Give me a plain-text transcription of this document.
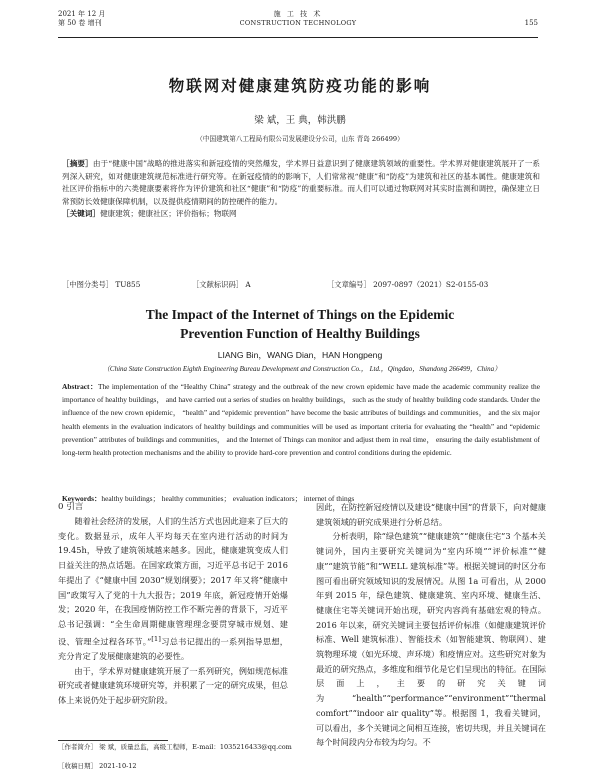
2021 年 12 月
第 50 卷 增刊
施 工 技 术
CONSTRUCTION TECHNOLOGY	155
物联网对健康建筑防疫功能的影响
梁 斌，王 典，韩洪鹏
（中国建筑第八工程局有限公司发展建设分公司，山东 青岛 266499）
［摘要］由于“健康中国”战略的推进落实和新冠疫情的突然爆发，学术界日益意识到了健康建筑领域的重要性。学术界对健康建筑展开了一系列深入研究，如对健康建筑规范标准进行研究等。在新冠疫情的的影响下，人们常常视“健康”和“防疫”为建筑和社区的基本属性。健康建筑和社区评价指标中的六类健康要素将作为评价建筑和社区“健康”和“防疫”的重要标准。而人们可以通过物联网对其实时监测和调控，确保建立日常预防长效健康保障机制，以及提供疫情期间的防控硬件的能力。
［关键词］健康建筑；健康社区；评价指标；物联网
［中图分类号］ TU855	［文献标识码］ A	［文章编号］ 2097-0897（2021）S2-0155-03
The Impact of the Internet of Things on the Epidemic
Prevention Function of Healthy Buildings
LIANG Bin，WANG Dian，HAN Hongpeng
（China State Construction Eighth Engineering Bureau Development and Construction Co.， Ltd.，Qingdao，Shandong 266499，China）
Abstract：The implementation of the “Healthy China” strategy and the outbreak of the new crown epidemic have made the academic community realize the importance of healthy buildings， and have carried out a series of studies on healthy buildings， such as the study of healthy building code standards. Under the influence of the new crown epidemic， “health” and “epidemic prevention” have become the basic attributes of buildings and communities， and the six major health elements in the evaluation indicators of healthy buildings and communities will be used as important criteria for evaluating the “health” and “epidemic prevention” attributes of buildings and communities， and the Internet of Things can monitor and adjust them in real time， ensuring the daily establishment of long-term health protection mechanisms and the ability to provide hard-core prevention and control conditions during the epidemic.
Keywords：healthy buildings； healthy communities； evaluation indicators； internet of things
0 引言

随着社会经济的发展，人们的生活方式也因此迎来了巨大的变化。数据显示，成年人平均每天在室内进行活动的时间为 19.45h，导致了建筑领域越来越多。因此，健康建筑变成人们日益关注的热点话题。在国家政策方面，习近平总书记于 2016 年提出了《“健康中国 2030”规划纲要》；2017 年又将“健康中国”政策写入了党的十九大报告；2019 年底，新冠疫情开始爆发；2020 年，在我国疫情防控工作不断完善的背景下，习近平总书记强调：“全生命周期健康管理理念要贯穿城市规划、建设、管理全过程各环节。”[1]习总书记提出的一系列指导思想，充分肯定了发展健康建筑的必要性。

由于，学术界对健康建筑开展了一系列研究，例如规范标准研究或者健康建筑环境研究等，并积累了一定的研究成果，但总体上来说仍处于起步研究阶段。

因此，在防控新冠疫情以及建设“健康中国”的背景下，向对健康建筑领域的研究成果进行分析总结。

分析表明，除“绿色建筑”“健康建筑”“健康住宅”3 个基本关键词外，国内主要研究关键词为“室内环境”“评价标准”“健康”“建筑节能”和“WELL 建筑标准”等。根据关键词的时区分布图可看出研究领域知识的发展情况。从图 1a 可看出，从 2000 年到 2015 年，绿色建筑、健康建筑、室内环境、健康生活、健康住宅等关键词开始出现，研究内容尚有基础宏观的特点。2016 年以来，研究关键词主要包括评价标准（如健康建筑评价标准、Well 建筑标准）、智能技术（如智能建筑、物联网）、建筑物理环境（如光环境、声环境）和疫情应对。这些研究对象为最近的研究热点，多维度和细节化是它们呈现出的特征。在国际层面上，主要的研究关键词为“health”“performance”“environment”“thermal comfort”“indoor air quality”等。根据图 1，我看关键词，可以看出，多个关键词之间相互连接，密切共现，并且关键词在每个时间段内分布较为均匀。不

［作者简介］ 梁 斌，质量总监，高级工程师，E-mail：1035216433@qq.com
［收稿日期］ 2021-10-12
